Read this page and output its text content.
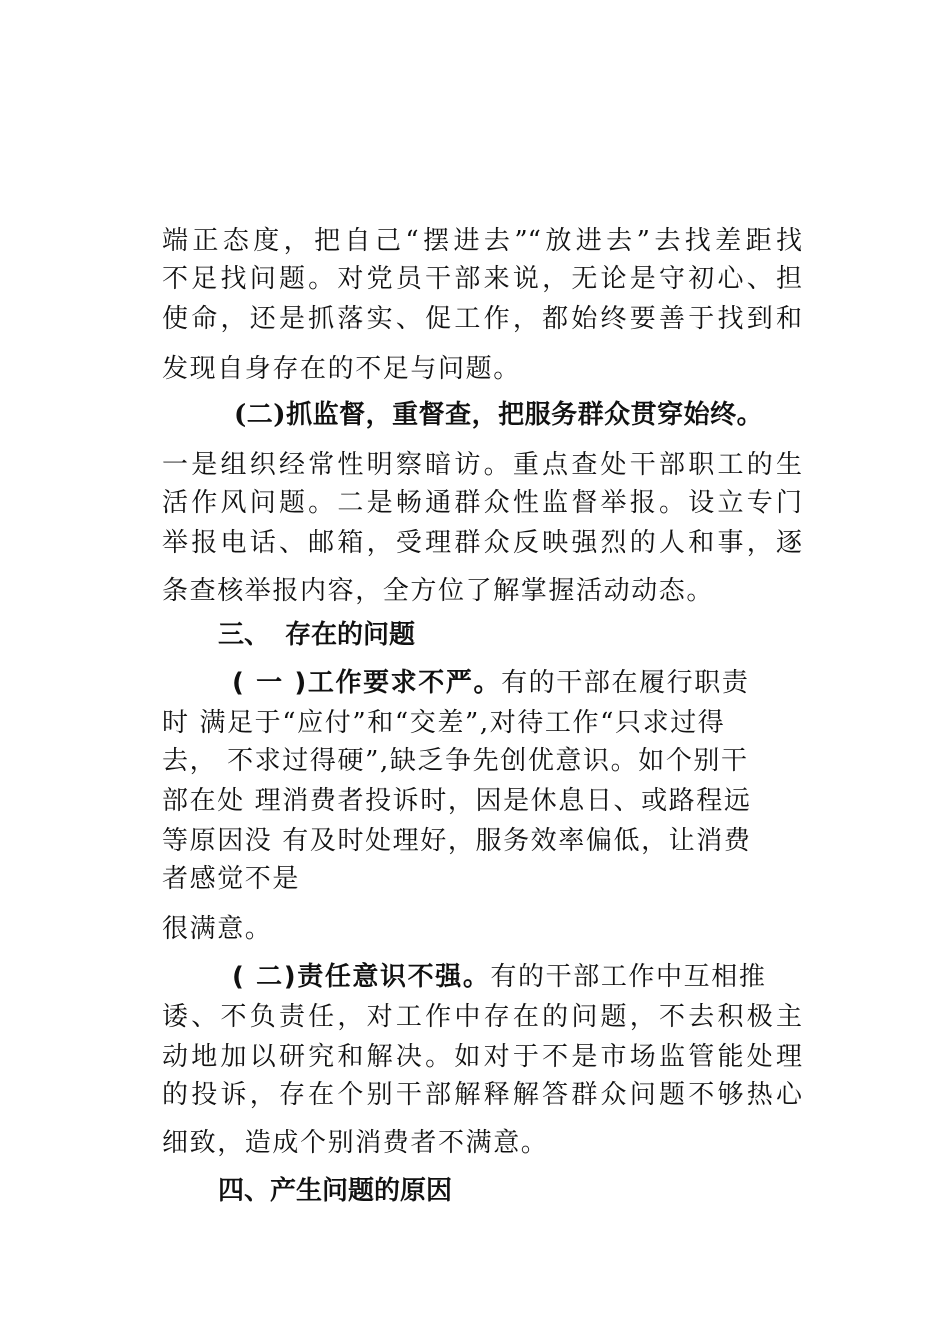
端正态度，把自己“摆进去”“放进去”去找差距找
不足找问题。对党员干部来说，无论是守初心、担
使命，还是抓落实、促工作，都始终要善于找到和
发现自身存在的不足与问题。
(二)抓监督，重督查，把服务群众贯穿始终。
一是组织经常性明察暗访。重点查处干部职工的生
活作风问题。二是畅通群众性监督举报。设立专门
举报电话、邮箱，受理群众反映强烈的人和事，逐
条查核举报内容，全方位了解掌握活动动态。
三、 存在的问题
( 一 )工作要求不严。有的干部在履行职责
时 满足于“应付”和“交差”,对待工作“只求过得
去， 不求过得硬”,缺乏争先创优意识。如个别干
部在处 理消费者投诉时，因是休息日、或路程远
等原因没 有及时处理好，服务效率偏低，让消费
者感觉不是
很满意。
( 二)责任意识不强。有的干部工作中互相推
诿、不负责任，对工作中存在的问题，不去积极主
动地加以研究和解决。如对于不是市场监管能处理
的投诉，存在个别干部解释解答群众问题不够热心
细致，造成个别消费者不满意。
四、产生问题的原因
